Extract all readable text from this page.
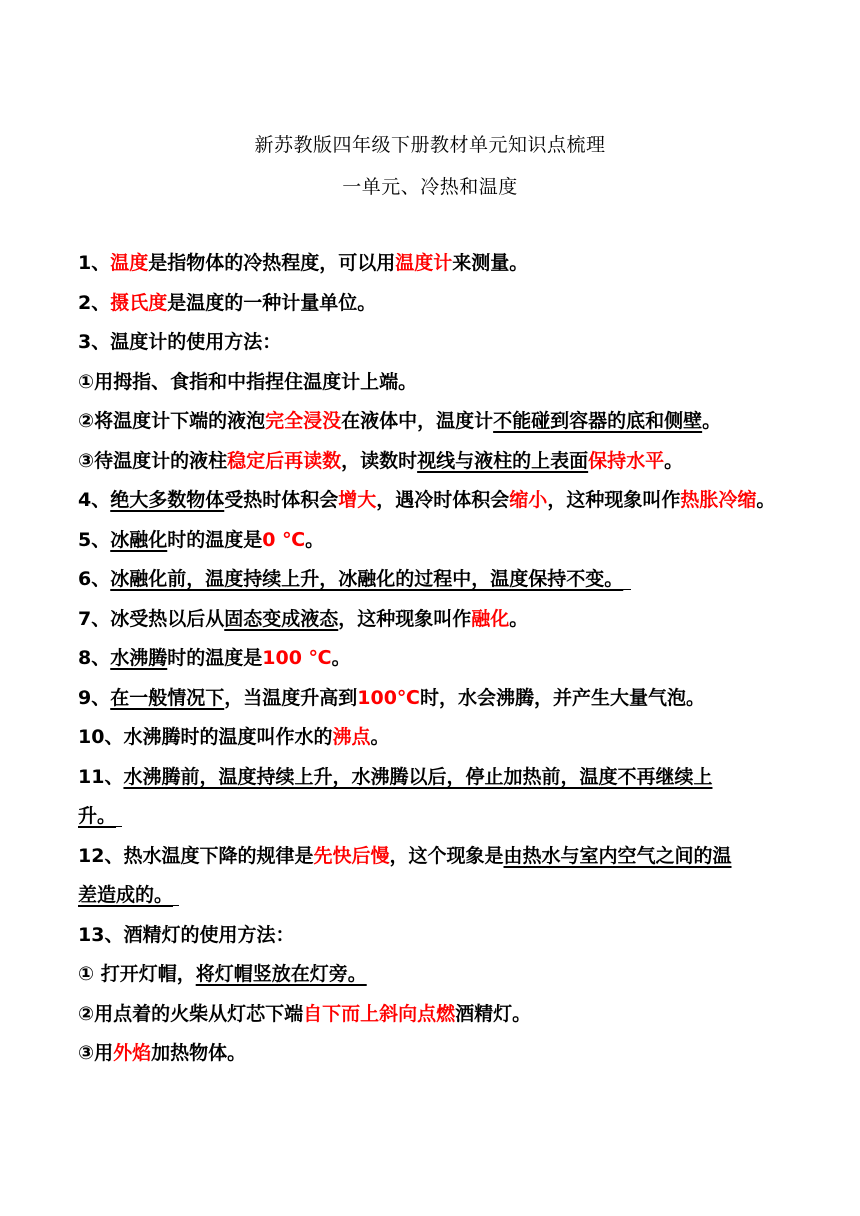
新苏教版四年级下册教材单元知识点梳理
一单元、冷热和温度
1、温度是指物体的冷热程度，可以用温度计来测量。
2、摄氏度是温度的一种计量单位。
3、温度计的使用方法：
①用拇指、食指和中指捏住温度计上端。
②将温度计下端的液泡完全浸没在液体中，温度计不能碰到容器的底和侧壁。
③待温度计的液柱稳定后再读数，读数时视线与液柱的上表面保持水平。
4、绝大多数物体受热时体积会增大，遇冷时体积会缩小，这种现象叫作热胀冷缩。
5、冰融化时的温度是0 ℃。
6、冰融化前，温度持续上升，冰融化的过程中，温度保持不变。
7、冰受热以后从固态变成液态，这种现象叫作融化。
8、水沸腾时的温度是100 ℃。
9、在一般情况下，当温度升高到100℃时，水会沸腾，并产生大量气泡。
10、水沸腾时的温度叫作水的沸点。
11、水沸腾前，温度持续上升，水沸腾以后，停止加热前，温度不再继续上
升。
12、热水温度下降的规律是先快后慢，这个现象是由热水与室内空气之间的温
差造成的。
13、酒精灯的使用方法：
① 打开灯帽，将灯帽竖放在灯旁。
②用点着的火柴从灯芯下端自下而上斜向点燃酒精灯。
③用外焰加热物体。
